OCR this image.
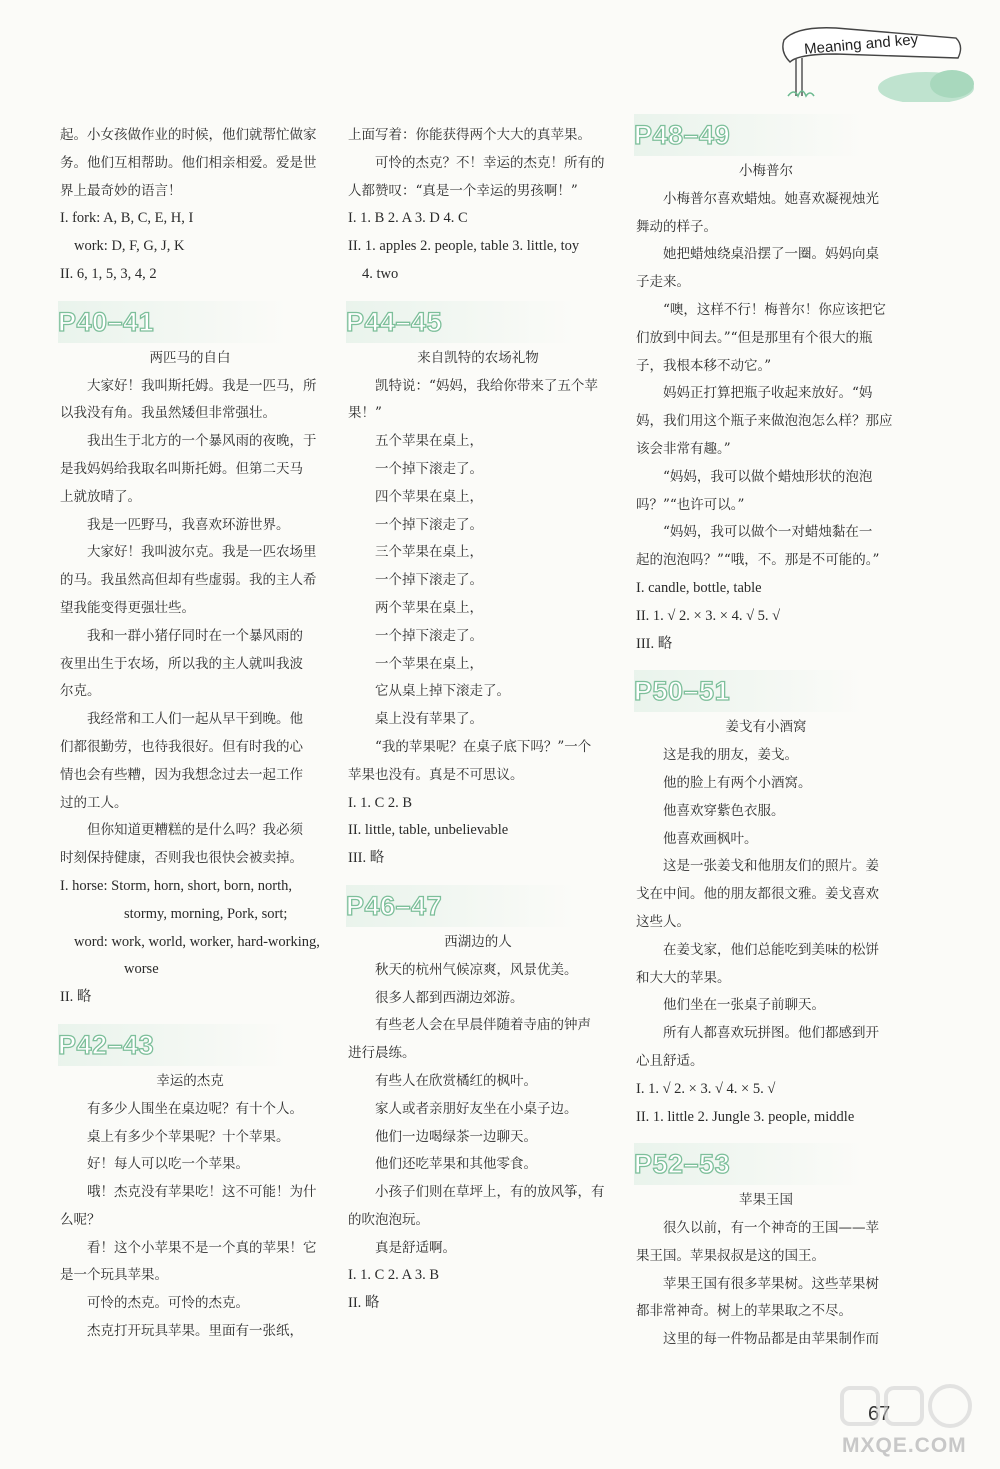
Meaning and key
起。小女孩做作业的时候，他们就帮忙做家
务。他们互相帮助。他们相亲相爱。爱是世
界上最奇妙的语言！
I. fork: A, B, C, E, H, I
work: D, F, G, J, K
II. 6, 1, 5, 3, 4, 2
P40–41
两匹马的自白
大家好！我叫斯托姆。我是一匹马，所
以我没有角。我虽然矮但非常强壮。
我出生于北方的一个暴风雨的夜晚，于
是我妈妈给我取名叫斯托姆。但第二天马
上就放晴了。
我是一匹野马，我喜欢环游世界。
大家好！我叫波尔克。我是一匹农场里
的马。我虽然高但却有些虚弱。我的主人希
望我能变得更强壮些。
我和一群小猪仔同时在一个暴风雨的
夜里出生于农场，所以我的主人就叫我波
尔克。
我经常和工人们一起从早干到晚。他
们都很勤劳，也待我很好。但有时我的心
情也会有些糟，因为我想念过去一起工作
过的工人。
但你知道更糟糕的是什么吗？我必须
时刻保持健康，否则我也很快会被卖掉。
I. horse: Storm, horn, short, born, north,
stormy, morning, Pork, sort;
word: work, world, worker, hard-working,
worse
II. 略
P42–43
幸运的杰克
有多少人围坐在桌边呢？有十个人。
桌上有多少个苹果呢？十个苹果。
好！每人可以吃一个苹果。
哦！杰克没有苹果吃！这不可能！为什
么呢？
看！这个小苹果不是一个真的苹果！它
是一个玩具苹果。
可怜的杰克。可怜的杰克。
杰克打开玩具苹果。里面有一张纸，
上面写着：你能获得两个大大的真苹果。
可怜的杰克？不！幸运的杰克！所有的
人都赞叹：“真是一个幸运的男孩啊！”
I. 1. B 2. A 3. D 4. C
II. 1. apples 2. people, table 3. little, toy
4. two
P44–45
来自凯特的农场礼物
凯特说：“妈妈，我给你带来了五个苹
果！”
五个苹果在桌上，
一个掉下滚走了。
四个苹果在桌上，
一个掉下滚走了。
三个苹果在桌上，
一个掉下滚走了。
两个苹果在桌上，
一个掉下滚走了。
一个苹果在桌上，
它从桌上掉下滚走了。
桌上没有苹果了。
“我的苹果呢？在桌子底下吗？”一个
苹果也没有。真是不可思议。
I. 1. C 2. B
II. little, table, unbelievable
III. 略
P46–47
西湖边的人
秋天的杭州气候凉爽，风景优美。
很多人都到西湖边郊游。
有些老人会在早晨伴随着寺庙的钟声
进行晨练。
有些人在欣赏橘红的枫叶。
家人或者亲朋好友坐在小桌子边。
他们一边喝绿茶一边聊天。
他们还吃苹果和其他零食。
小孩子们则在草坪上，有的放风筝，有
的吹泡泡玩。
真是舒适啊。
I. 1. C 2. A 3. B
II. 略
P48–49
小梅普尔
小梅普尔喜欢蜡烛。她喜欢凝视烛光
舞动的样子。
她把蜡烛绕桌沿摆了一圈。妈妈向桌
子走来。
“噢，这样不行！梅普尔！你应该把它
们放到中间去。”“但是那里有个很大的瓶
子，我根本移不动它。”
妈妈正打算把瓶子收起来放好。“妈
妈，我们用这个瓶子来做泡泡怎么样？那应
该会非常有趣。”
“妈妈，我可以做个蜡烛形状的泡泡
吗？”“也许可以。”
“妈妈，我可以做个一对蜡烛黏在一
起的泡泡吗？”“哦，不。那是不可能的。”
I. candle, bottle, table
II. 1. √ 2. × 3. × 4. √ 5. √
III. 略
P50–51
姜戈有小酒窝
这是我的朋友，姜戈。
他的脸上有两个小酒窝。
他喜欢穿紫色衣服。
他喜欢画枫叶。
这是一张姜戈和他朋友们的照片。姜
戈在中间。他的朋友都很文雅。姜戈喜欢
这些人。
在姜戈家，他们总能吃到美味的松饼
和大大的苹果。
他们坐在一张桌子前聊天。
所有人都喜欢玩拼图。他们都感到开
心且舒适。
I. 1. √ 2. × 3. √ 4. × 5. √
II. 1. little 2. Jungle 3. people, middle
P52–53
苹果王国
很久以前，有一个神奇的王国——苹
果王国。苹果叔叔是这的国王。
苹果王国有很多苹果树。这些苹果树
都非常神奇。树上的苹果取之不尽。
这里的每一件物品都是由苹果制作而
67
MXQE.COM
